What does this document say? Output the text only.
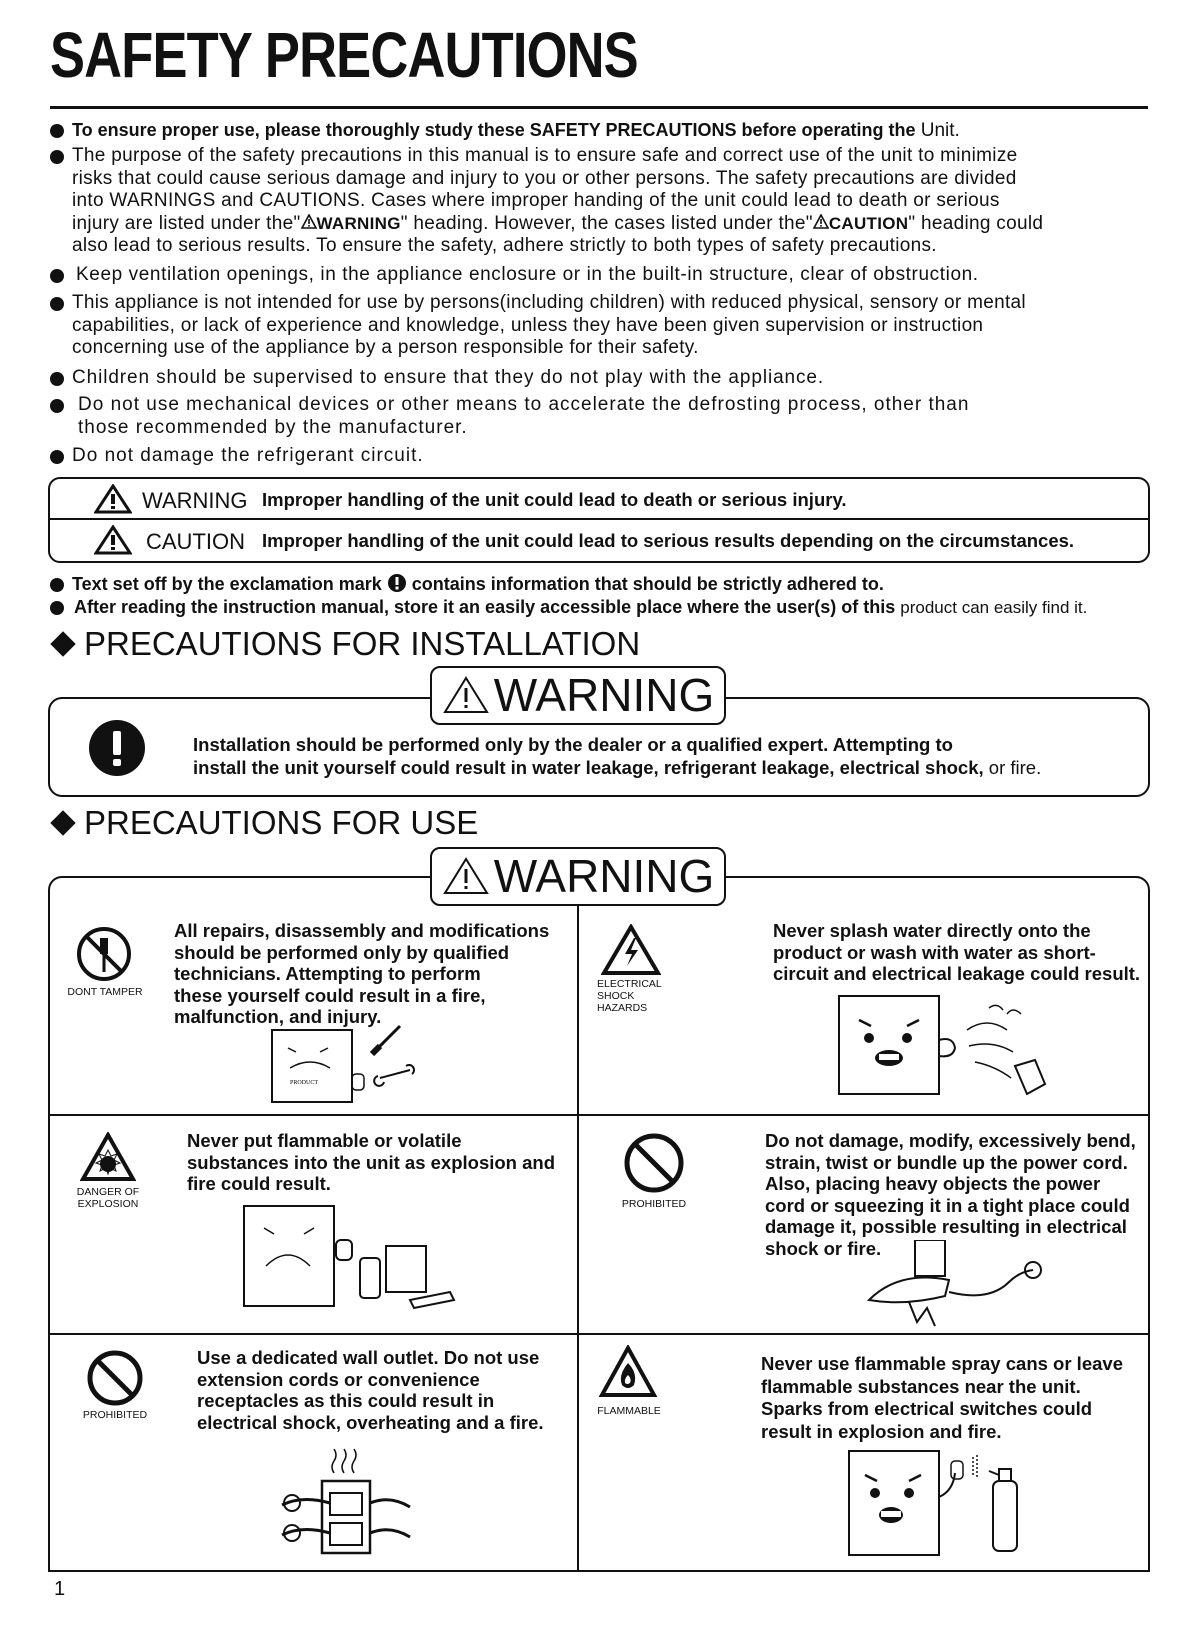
SAFETY PRECAUTIONS
To ensure proper use, please thoroughly study these SAFETY PRECAUTIONS before operating the Unit.
The purpose of the safety precautions in this manual is to ensure safe and correct use of the unit to minimize
risks that could cause serious damage and injury to you or other persons. The safety precautions are divided
into WARNINGS and CAUTIONS. Cases where improper handing of the unit could lead to death or serious
injury are listed under the" WARNING" heading. However, the cases listed under the" CAUTION" heading could
also lead to serious results. To ensure the safety, adhere strictly to both types of safety precautions.
Keep ventilation openings, in the appliance enclosure or in the built-in structure, clear of obstruction.
This appliance is not intended for use by persons(including children) with reduced physical, sensory or mental
capabilities, or lack of experience and knowledge, unless they have been given supervision or instruction
concerning use of the appliance by a person responsible for their safety.
Children should be supervised to ensure that they do not play with the appliance.
Do not use mechanical devices or other means to accelerate the defrosting process, other than
those recommended by the manufacturer.
Do not damage the refrigerant circuit.
WARNING Improper handling of the unit could lead to death or serious injury.
CAUTION Improper handling of the unit could lead to serious results depending on the circumstances.
Text set off by the exclamation mark contains information that should be strictly adhered to.
After reading the instruction manual, store it an easily accessible place where the user(s) of this product can easily find it.
PRECAUTIONS FOR INSTALLATION
WARNING
Installation should be performed only by the dealer or a qualified expert. Attempting to
install the unit yourself could result in water leakage, refrigerant leakage, electrical shock, or fire.
PRECAUTIONS FOR USE
WARNING
DONT TAMPER
All repairs, disassembly and modifications
should be performed only by qualified
technicians. Attempting to perform
these yourself could result in a fire,
malfunction, and injury.
PRODUCT
ELECTRICAL
SHOCK HAZARDS
Never splash water directly onto the
product or wash with water as short-
circuit and electrical leakage could result.
DANGER OF
EXPLOSION
Never put flammable or volatile
substances into the unit as explosion and
fire could result.
PROHIBITED
Do not damage, modify, excessively bend,
strain, twist or bundle up the power cord.
Also, placing heavy objects the power
cord or squeezing it in a tight place could
damage it, possible resulting in electrical
shock or fire.
PROHIBITED
Use a dedicated wall outlet. Do not use
extension cords or convenience
receptacles as this could result in
electrical shock, overheating and a fire.
FLAMMABLE
Never use flammable spray cans or leave
flammable substances near the unit.
Sparks from electrical switches could
result in explosion and fire.
1
